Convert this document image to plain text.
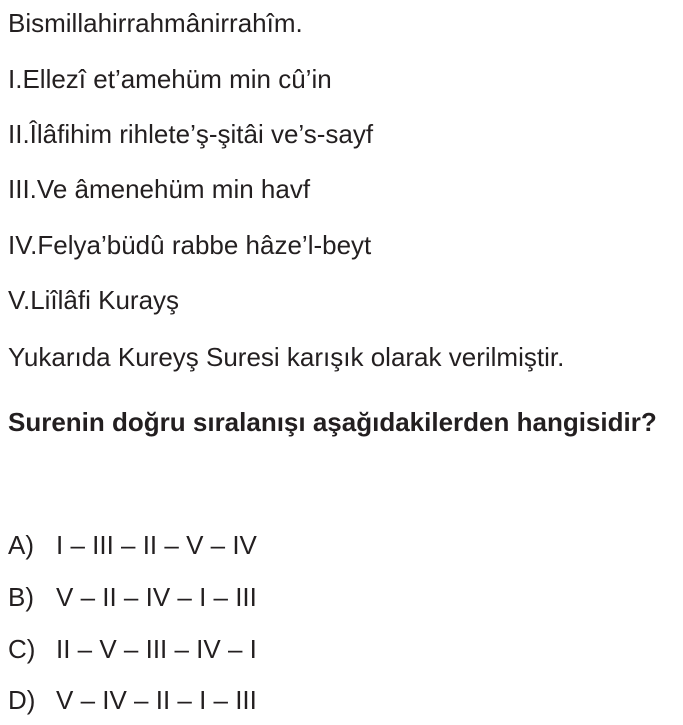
Bismillahirrahmânirrahîm.
I.Ellezî et’amehüm min cû’in
II.Îlâfihim rihlete’ş-şitâi ve’s-sayf
III.Ve âmenehüm min havf
IV.Felya’büdû rabbe hâze’l-beyt
V.Liîlâfi Kurayş
Yukarıda Kureyş Suresi karışık olarak verilmiştir.
Surenin doğru sıralanışı aşağıdakilerden hangisidir?
A) I – III – II – V – IV
B) V – II – IV – I – III
C) II – V – III – IV – I
D) V – IV – II – I – III
